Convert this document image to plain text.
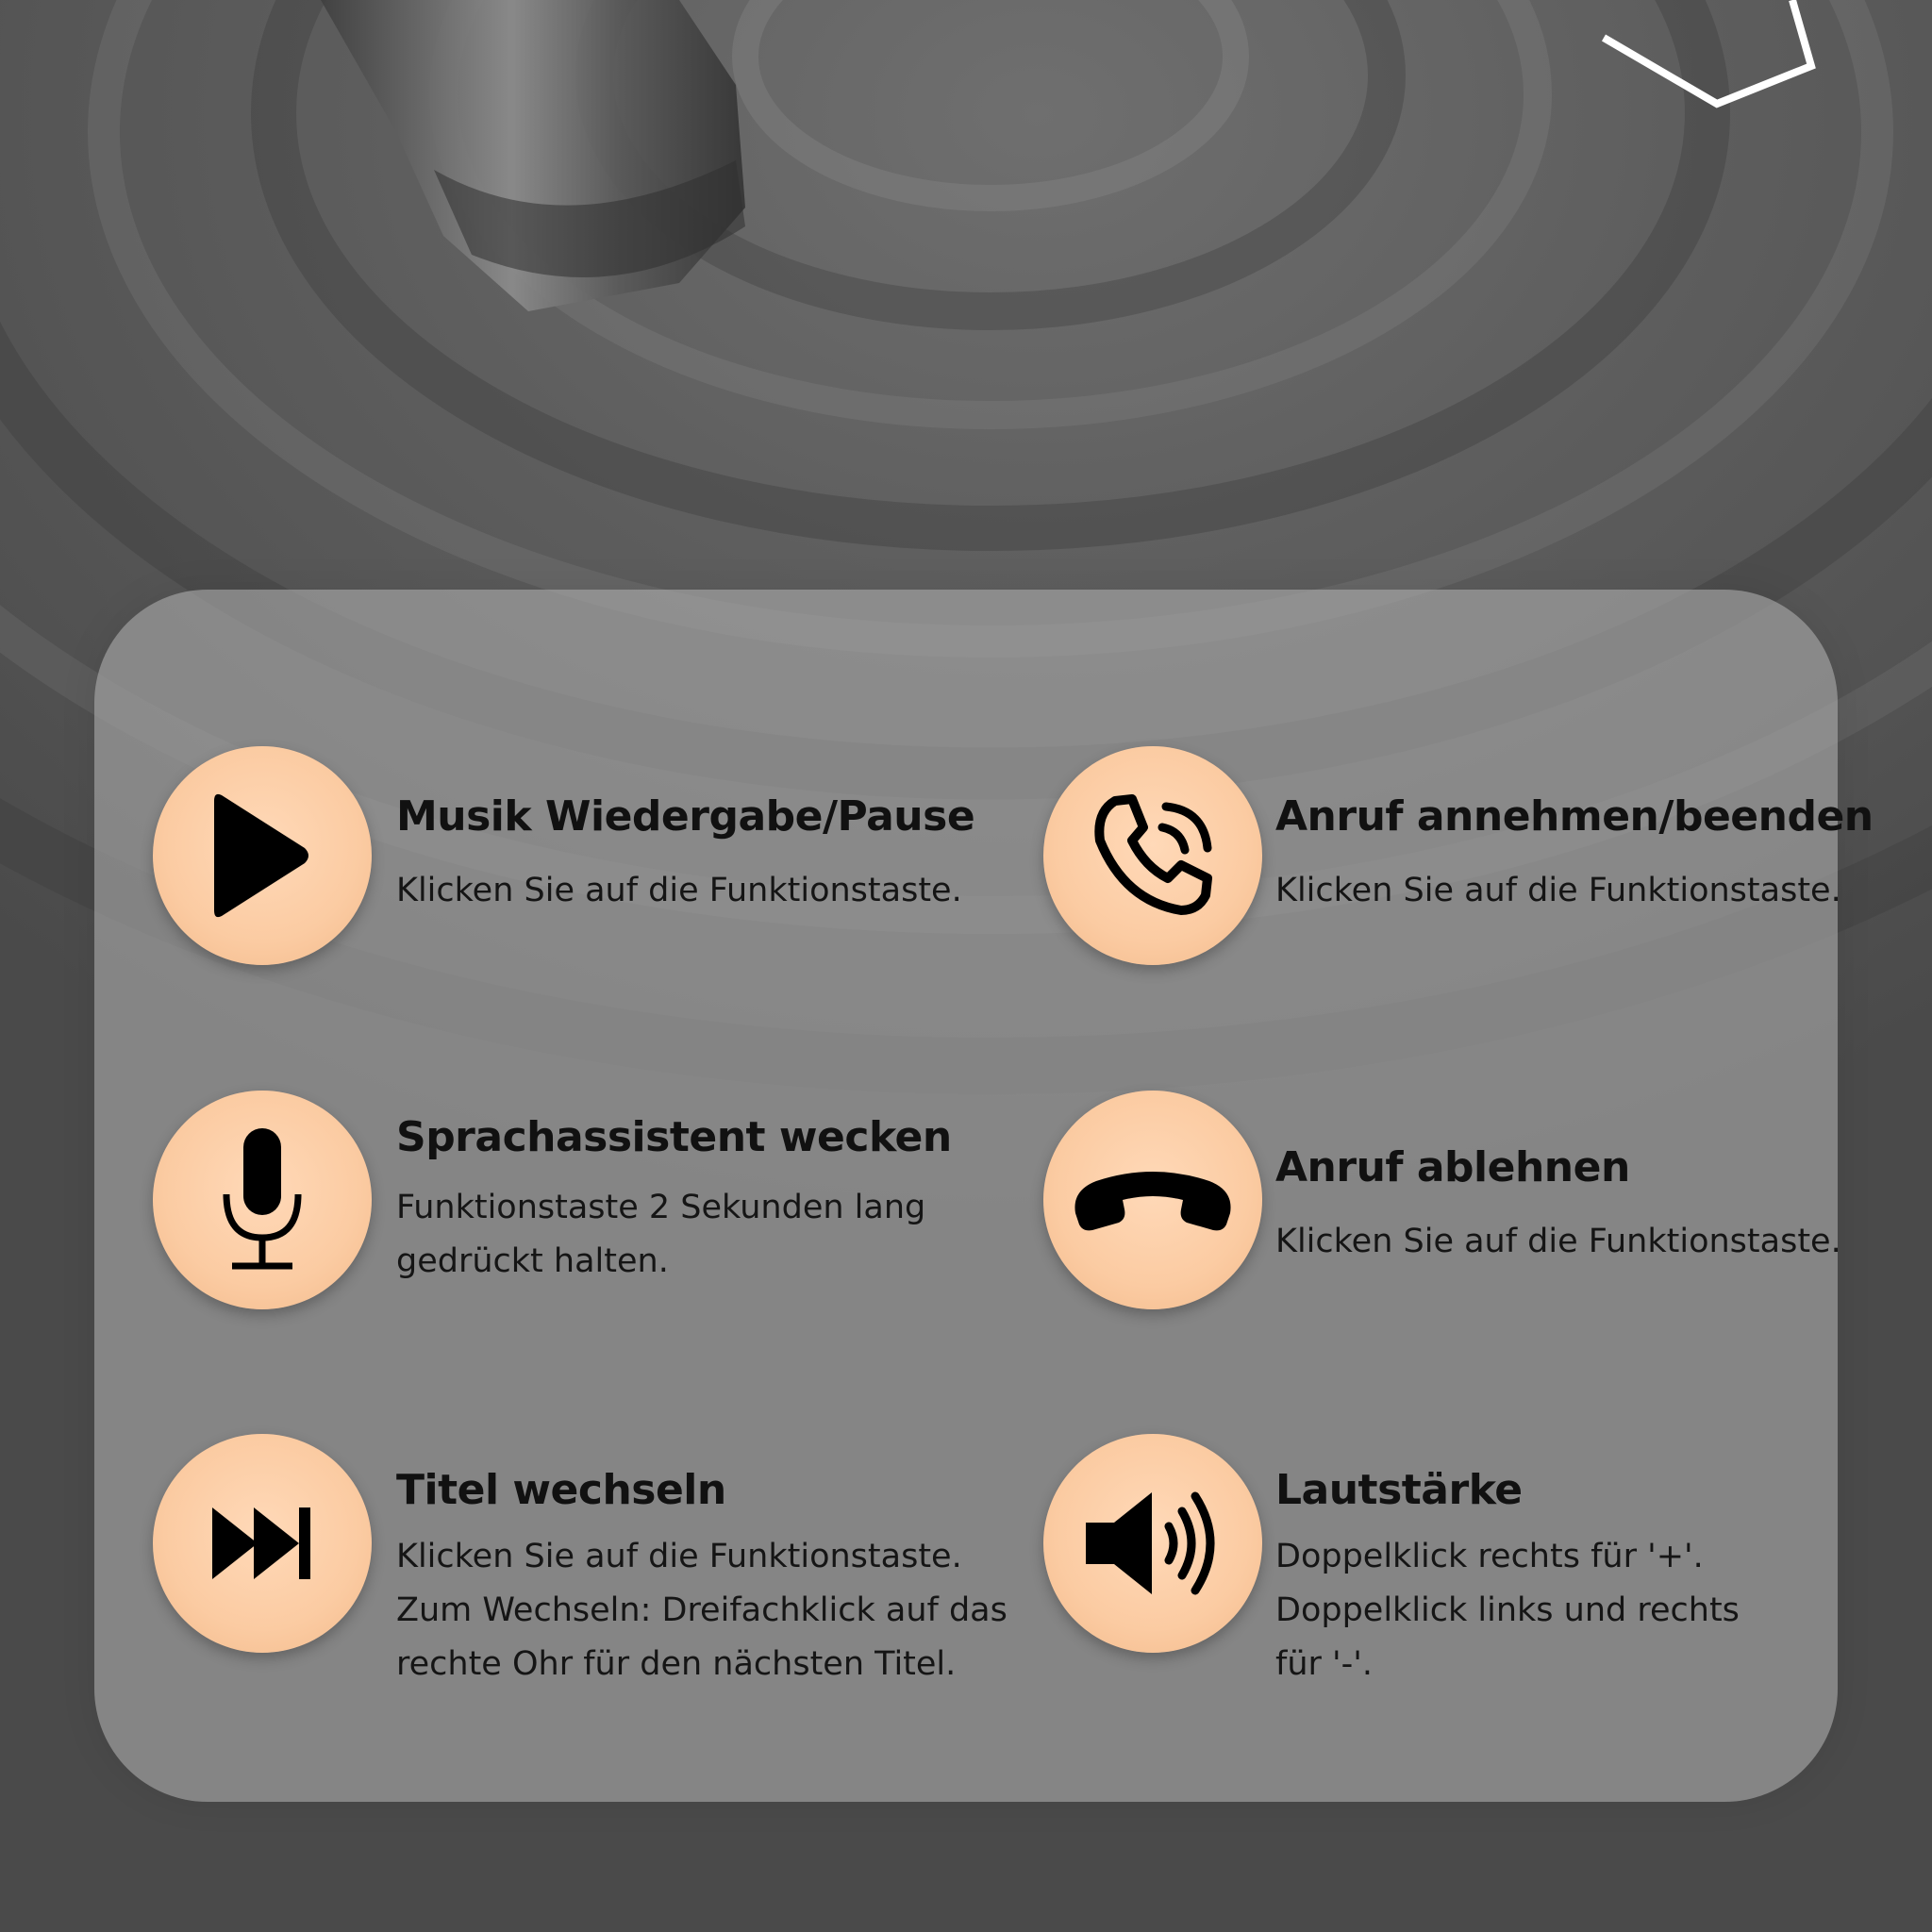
Musik Wiedergabe/Pause
Klicken Sie auf die Funktionstaste.
Anruf annehmen/beenden
Klicken Sie auf die Funktionstaste.
Sprachassistent wecken
Funktionstaste 2 Sekunden lang
gedrückt halten.
Anruf ablehnen
Klicken Sie auf die Funktionstaste.
Titel wechseln
Klicken Sie auf die Funktionstaste.
Zum Wechseln: Dreifachklick auf das
rechte Ohr für den nächsten Titel.
Lautstärke
Doppelklick rechts für '+'.
Doppelklick links und rechts
für '-'.
